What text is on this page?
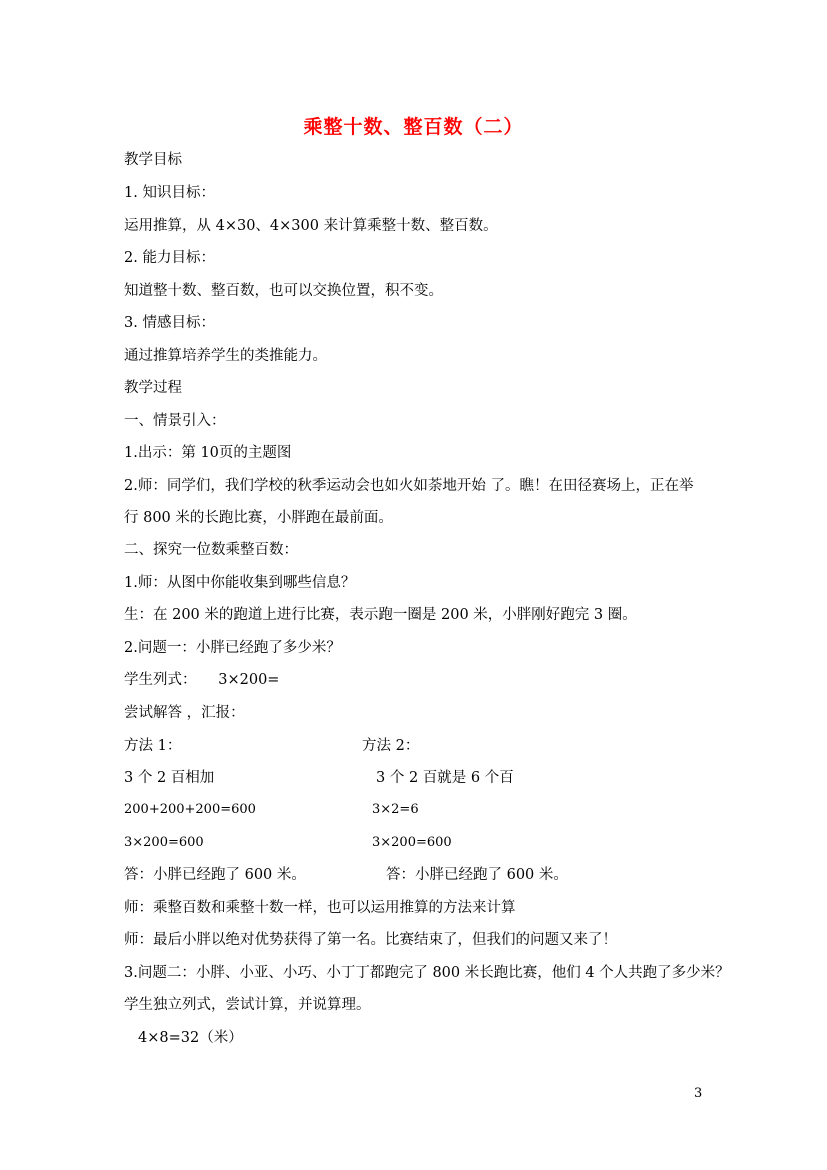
乘整十数、整百数（二）
教学目标
1. 知识目标：
运用推算，从 4×30、4×300 来计算乘整十数、整百数。
2. 能力目标：
知道整十数、整百数，也可以交换位置，积不变。
3. 情感目标：
通过推算培养学生的类推能力。
教学过程
一、情景引入：
1.出示：第 10页的主题图
2.师：同学们，我们学校的秋季运动会也如火如荼地开始 了。瞧！在田径赛场上，正在举
行 800 米的长跑比赛，小胖跑在最前面。
二、探究一位数乘整百数：
1.师：从图中你能收集到哪些信息？
生：在 200 米的跑道上进行比赛，表示跑一圈是 200 米，小胖刚好跑完 3 圈。
2.问题一：小胖已经跑了多少米？
学生列式：　　3×200=
尝试解答 ，汇报：
方法 1：
3 个 2 百相加
200+200+200=600
3×200=600
答：小胖已经跑了 600 米。
方法 2：
3 个 2 百就是 6 个百
3×2=6
3×200=600
答：小胖已经跑了 600 米。
师：乘整百数和乘整十数一样，也可以运用推算的方法来计算
师：最后小胖以绝对优势获得了第一名。比赛结束了，但我们的问题又来了！
3.问题二：小胖、小亚、小巧、小丁丁都跑完了 800 米长跑比赛，他们 4 个人共跑了多少米？
学生独立列式，尝试计算，并说算理。
4×8=32（米）
3
